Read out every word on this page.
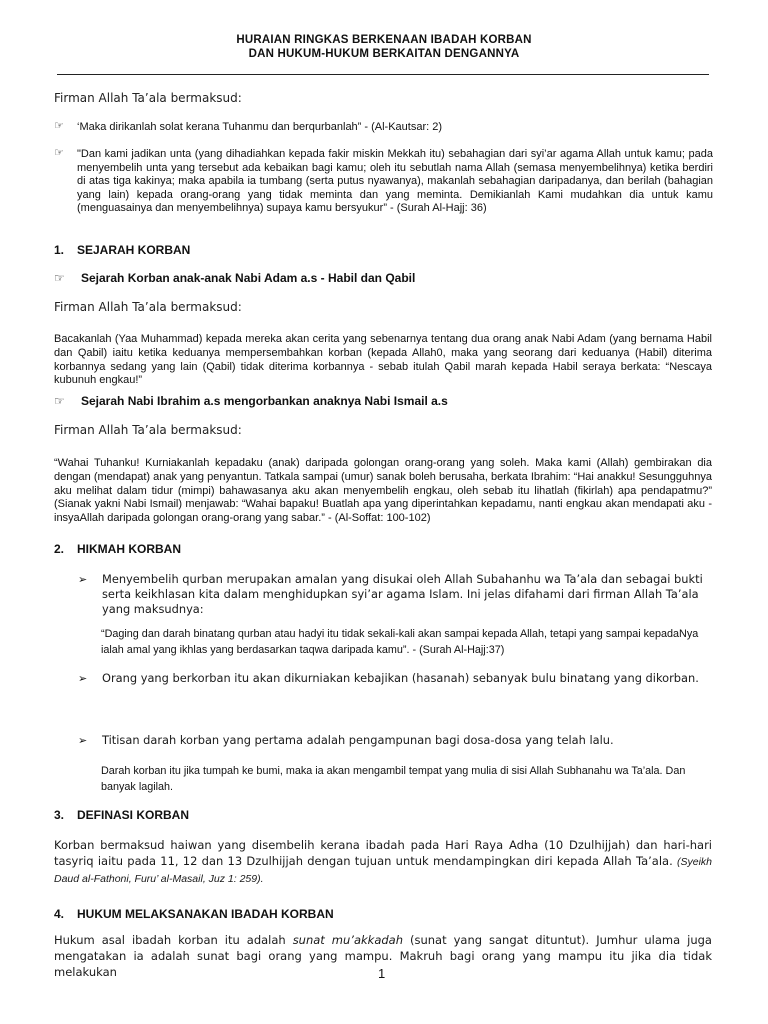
HURAIAN RINGKAS BERKENAAN IBADAH KORBAN
DAN HUKUM-HUKUM BERKAITAN DENGANNYA
Firman Allah Ta’ala bermaksud:
☞ ‘Maka dirikanlah solat kerana Tuhanmu dan berqurbanlah” - (Al-Kautsar: 2)
☞ "Dan kami jadikan unta (yang dihadiahkan kepada fakir miskin Mekkah itu) sebahagian dari syi’ar agama Allah untuk kamu; pada menyembelih unta yang tersebut ada kebaikan bagi kamu; oleh itu sebutlah nama Allah (semasa menyembelihnya) ketika berdiri di atas tiga kakinya; maka apabila ia tumbang (serta putus nyawanya), makanlah sebahagian daripadanya, dan berilah (bahagian yang lain) kepada orang-orang yang tidak meminta dan yang meminta. Demikianlah Kami mudahkan dia untuk kamu (menguasainya dan menyembelihnya) supaya kamu bersyukur” - (Surah Al-Hajj: 36)
1. SEJARAH KORBAN
☞ Sejarah Korban anak-anak Nabi Adam a.s - Habil dan Qabil
Firman Allah Ta’ala bermaksud:
Bacakanlah (Yaa Muhammad) kepada mereka akan cerita yang sebenarnya tentang dua orang anak Nabi Adam (yang bernama Habil dan Qabil) iaitu ketika keduanya mempersembahkan korban (kepada Allah0, maka yang seorang dari keduanya (Habil) diterima korbannya sedang yang lain (Qabil) tidak diterima korbannya - sebab itulah Qabil marah kepada Habil seraya berkata: “Nescaya kubunuh engkau!”
☞ Sejarah Nabi Ibrahim a.s mengorbankan anaknya Nabi Ismail a.s
Firman Allah Ta’ala bermaksud:
“Wahai Tuhanku! Kurniakanlah kepadaku (anak) daripada golongan orang-orang yang soleh. Maka kami (Allah) gembirakan dia dengan (mendapat) anak yang penyantun. Tatkala sampai (umur) sanak boleh berusaha, berkata Ibrahim: “Hai anakku! Sesungguhnya aku melihat dalam tidur (mimpi) bahawasanya aku akan menyembelih engkau, oleh sebab itu lihatlah (fikirlah) apa pendapatmu?” (Sianak yakni Nabi Ismail) menjawab: “Wahai bapaku! Buatlah apa yang diperintahkan kepadamu, nanti engkau akan mendapati aku - insyaAllah daripada golongan orang-orang yang sabar.” - (Al-Soffat: 100-102)
2. HIKMAH KORBAN
➢ Menyembelih qurban merupakan amalan yang disukai oleh Allah Subahanhu wa Ta’ala dan sebagai bukti serta keikhlasan kita dalam menghidupkan syi’ar agama Islam. Ini jelas difahami dari firman Allah Ta’ala yang maksudnya:
“Daging dan darah binatang qurban atau hadyi itu tidak sekali-kali akan sampai kepada Allah, tetapi yang sampai kepadaNya ialah amal yang ikhlas yang berdasarkan taqwa daripada kamu”. - (Surah Al-Hajj:37)
➢ Orang yang berkorban itu akan dikurniakan kebajikan (hasanah) sebanyak bulu binatang yang dikorban.
➢ Titisan darah korban yang pertama adalah pengampunan bagi dosa-dosa yang telah lalu.
Darah korban itu jika tumpah ke bumi, maka ia akan mengambil tempat yang mulia di sisi Allah Subhanahu wa Ta’ala. Dan banyak lagilah.
3. DEFINASI KORBAN
Korban bermaksud haiwan yang disembelih kerana ibadah pada Hari Raya Adha (10 Dzulhijjah) dan hari-hari tasyriq iaitu pada 11, 12 dan 13 Dzulhijjah dengan tujuan untuk mendampingkan diri kepada Allah Ta’ala. (Syeikh Daud al-Fathoni, Furu’ al-Masail, Juz 1: 259).
4. HUKUM MELAKSANAKAN IBADAH KORBAN
Hukum asal ibadah korban itu adalah sunat mu’akkadah (sunat yang sangat dituntut). Jumhur ulama juga mengatakan ia adalah sunat bagi orang yang mampu. Makruh bagi orang yang mampu itu jika dia tidak melakukan	1
